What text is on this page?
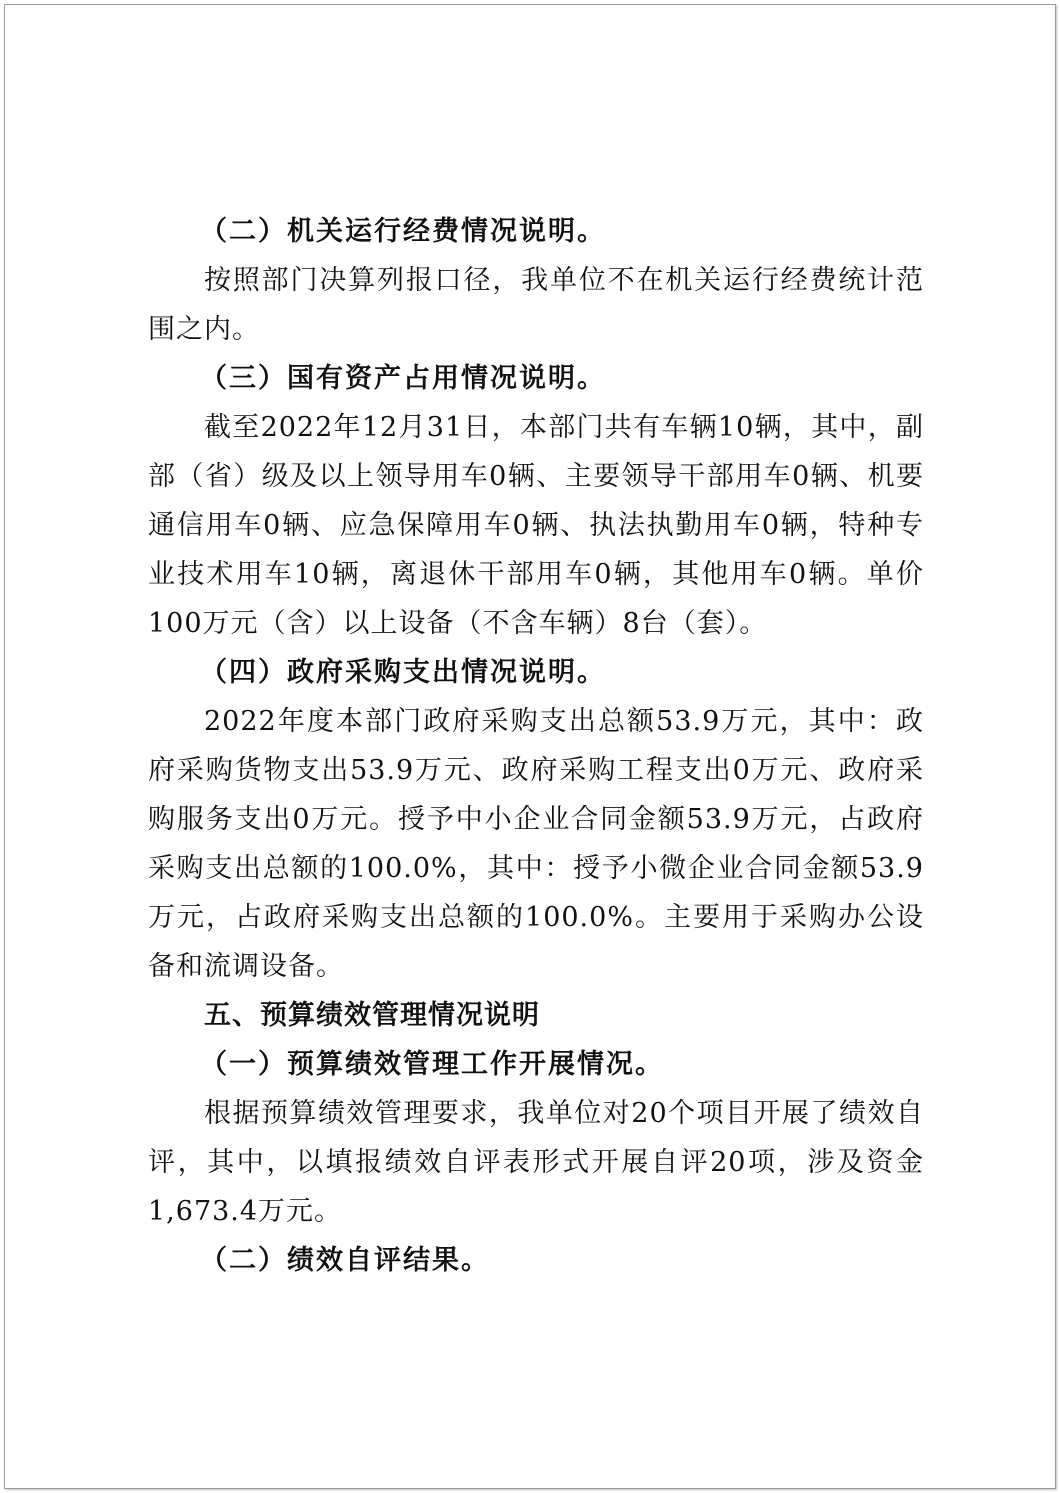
（二）机关运行经费情况说明。

按照部门决算列报口径，我单位不在机关运行经费统计范围之内。

（三）国有资产占用情况说明。

截至2022年12月31日，本部门共有车辆10辆，其中，副部（省）级及以上领导用车0辆、主要领导干部用车0辆、机要通信用车0辆、应急保障用车0辆、执法执勤用车0辆，特种专业技术用车10辆，离退休干部用车0辆，其他用车0辆。单价100万元（含）以上设备（不含车辆）8台（套）。

（四）政府采购支出情况说明。

2022年度本部门政府采购支出总额53.9万元，其中：政府采购货物支出53.9万元、政府采购工程支出0万元、政府采购服务支出0万元。授予中小企业合同金额53.9万元，占政府采购支出总额的100.0%，其中：授予小微企业合同金额53.9万元，占政府采购支出总额的100.0%。主要用于采购办公设备和流调设备。

五、预算绩效管理情况说明

（一）预算绩效管理工作开展情况。

根据预算绩效管理要求，我单位对20个项目开展了绩效自评，其中，以填报绩效自评表形式开展自评20项，涉及资金1,673.4万元。

（二）绩效自评结果。
